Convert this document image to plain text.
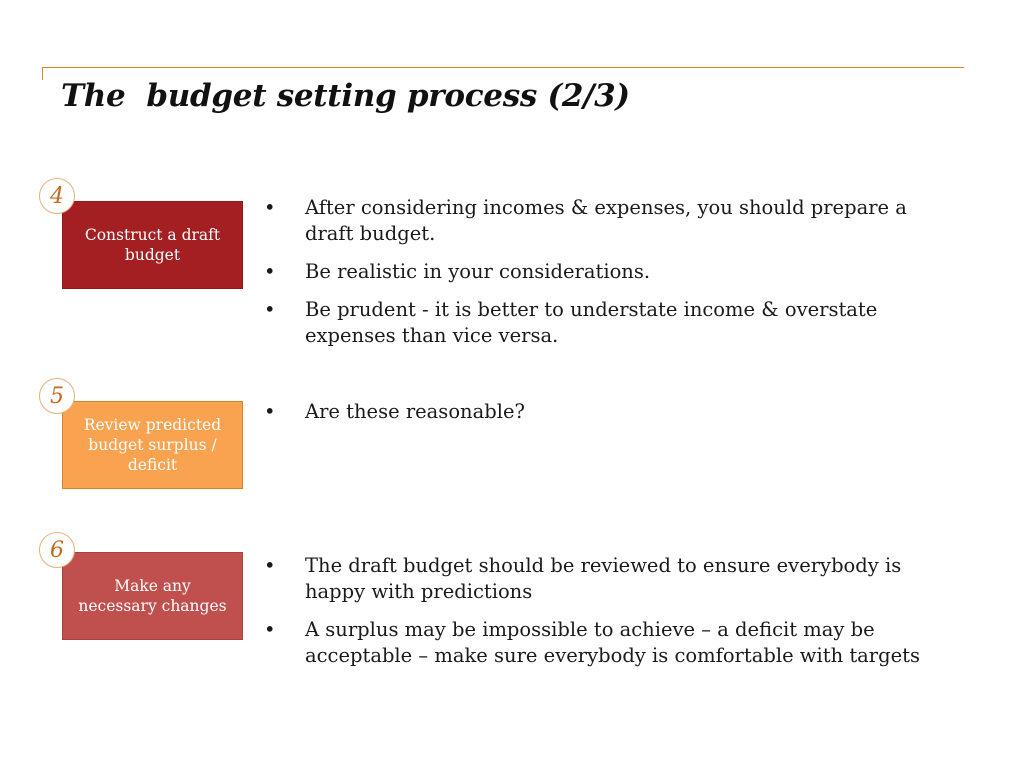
The  budget setting process (2/3)
Construct a draft budget
4
•	After considering incomes & expenses, you should prepare a draft budget.
• Be realistic in your considerations.
• Be prudent - it is better to understate income & overstate expenses than vice versa.
Review predicted budget surplus / deficit
5
• Are these reasonable?
Make any necessary changes
6
• The draft budget should be reviewed to ensure everybody is happy with predictions
• A surplus may be impossible to achieve – a deficit may be acceptable – make sure everybody is comfortable with targets
